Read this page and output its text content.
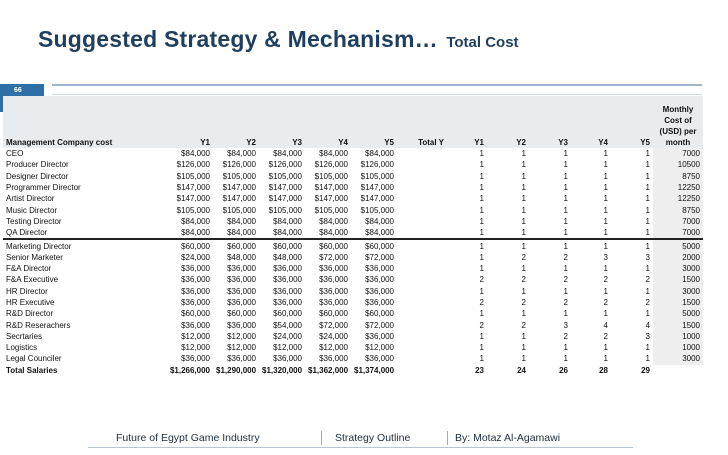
Suggested Strategy & Mechanism… Total Cost
66
Management Company cost	Y1	Y2	Y3	Y4	Y5	Total Y	Y1	Y2	Y3	Y4	Y5	Monthly Cost of (USD) per month
CEO	$84,000	$84,000	$84,000	$84,000	$84,000		1	1	1	1	1	7000
Producer Director	$126,000	$126,000	$126,000	$126,000	$126,000		1	1	1	1	1	10500
Designer Director	$105,000	$105,000	$105,000	$105,000	$105,000		1	1	1	1	1	8750
Programmer Director	$147,000	$147,000	$147,000	$147,000	$147,000		1	1	1	1	1	12250
Artist Director	$147,000	$147,000	$147,000	$147,000	$147,000		1	1	1	1	1	12250
Music Director	$105,000	$105,000	$105,000	$105,000	$105,000		1	1	1	1	1	8750
Testing Director	$84,000	$84,000	$84,000	$84,000	$84,000		1	1	1	1	1	7000
QA Director	$84,000	$84,000	$84,000	$84,000	$84,000		1	1	1	1	1	7000
Marketing Director	$60,000	$60,000	$60,000	$60,000	$60,000		1	1	1	1	1	5000
Senior Marketer	$24,000	$48,000	$48,000	$72,000	$72,000		1	2	2	3	3	2000
F&A Director	$36,000	$36,000	$36,000	$36,000	$36,000		1	1	1	1	1	3000
F&A Executive	$36,000	$36,000	$36,000	$36,000	$36,000		2	2	2	2	2	1500
HR Director	$36,000	$36,000	$36,000	$36,000	$36,000		1	1	1	1	1	3000
HR Executive	$36,000	$36,000	$36,000	$36,000	$36,000		2	2	2	2	2	1500
R&D Director	$60,000	$60,000	$60,000	$60,000	$60,000		1	1	1	1	1	5000
R&D Reserachers	$36,000	$36,000	$54,000	$72,000	$72,000		2	2	3	4	4	1500
Secrtaries	$12,000	$12,000	$24,000	$24,000	$36,000		1	1	2	2	3	1000
Logistics	$12,000	$12,000	$12,000	$12,000	$12,000		1	1	1	1	1	1000
Legal Counciler	$36,000	$36,000	$36,000	$36,000	$36,000		1	1	1	1	1	3000
Total Salaries	$1,266,000	$1,290,000	$1,320,000	$1,362,000	$1,374,000		23	24	26	28	29	
Future of Egypt Game Industry	Strategy Outline	By: Motaz Al-Agamawi
